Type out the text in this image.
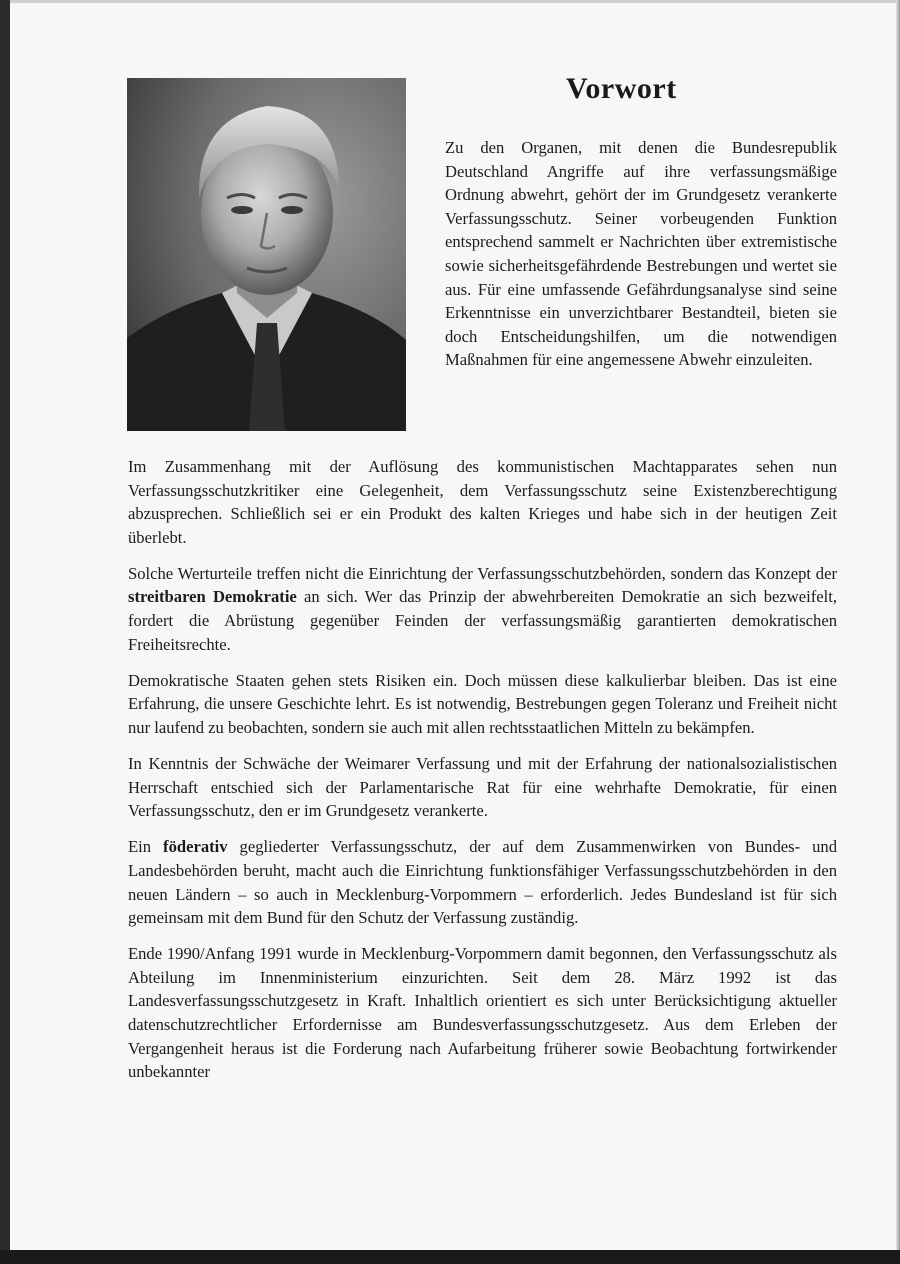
Vorwort

Zu den Organen, mit denen die Bundesrepublik Deutschland Angriffe auf ihre verfassungsmäßige Ordnung abwehrt, gehört der im Grundgesetz verankerte Verfassungsschutz. Seiner vorbeugenden Funktion entsprechend sammelt er Nachrichten über extremistische sowie sicherheitsgefährdende Bestrebungen und wertet sie aus. Für eine umfassende Gefährdungsanalyse sind seine Erkenntnisse ein unverzichtbarer Bestandteil, bieten sie doch Entscheidungshilfen, um die notwendigen Maßnahmen für eine angemessene Abwehr einzuleiten.

Im Zusammenhang mit der Auflösung des kommunistischen Machtapparates sehen nun Verfassungsschutzkritiker eine Gelegenheit, dem Verfassungsschutz seine Existenzberechtigung abzusprechen. Schließlich sei er ein Produkt des kalten Krieges und habe sich in der heutigen Zeit überlebt.

Solche Werturteile treffen nicht die Einrichtung der Verfassungsschutzbehörden, sondern das Konzept der streitbaren Demokratie an sich. Wer das Prinzip der abwehrbereiten Demokratie an sich bezweifelt, fordert die Abrüstung gegenüber Feinden der verfassungsmäßig garantierten demokratischen Freiheitsrechte.

Demokratische Staaten gehen stets Risiken ein. Doch müssen diese kalkulierbar bleiben. Das ist eine Erfahrung, die unsere Geschichte lehrt. Es ist notwendig, Bestrebungen gegen Toleranz und Freiheit nicht nur laufend zu beobachten, sondern sie auch mit allen rechtsstaatlichen Mitteln zu bekämpfen.

In Kenntnis der Schwäche der Weimarer Verfassung und mit der Erfahrung der nationalsozialistischen Herrschaft entschied sich der Parlamentarische Rat für eine wehrhafte Demokratie, für einen Verfassungsschutz, den er im Grundgesetz verankerte.

Ein föderativ gegliederter Verfassungsschutz, der auf dem Zusammenwirken von Bundes- und Landesbehörden beruht, macht auch die Einrichtung funktionsfähiger Verfassungsschutzbehörden in den neuen Ländern – so auch in Mecklenburg-Vorpommern – erforderlich. Jedes Bundesland ist für sich gemeinsam mit dem Bund für den Schutz der Verfassung zuständig.

Ende 1990/Anfang 1991 wurde in Mecklenburg-Vorpommern damit begonnen, den Verfassungsschutz als Abteilung im Innenministerium einzurichten. Seit dem 28. März 1992 ist das Landesverfassungsschutzgesetz in Kraft. Inhaltlich orientiert es sich unter Berücksichtigung aktueller datenschutzrechtlicher Erfordernisse am Bundesverfassungsschutzgesetz. Aus dem Erleben der Vergangenheit heraus ist die Forderung nach Aufarbeitung früherer sowie Beobachtung fortwirkender unbekannter
